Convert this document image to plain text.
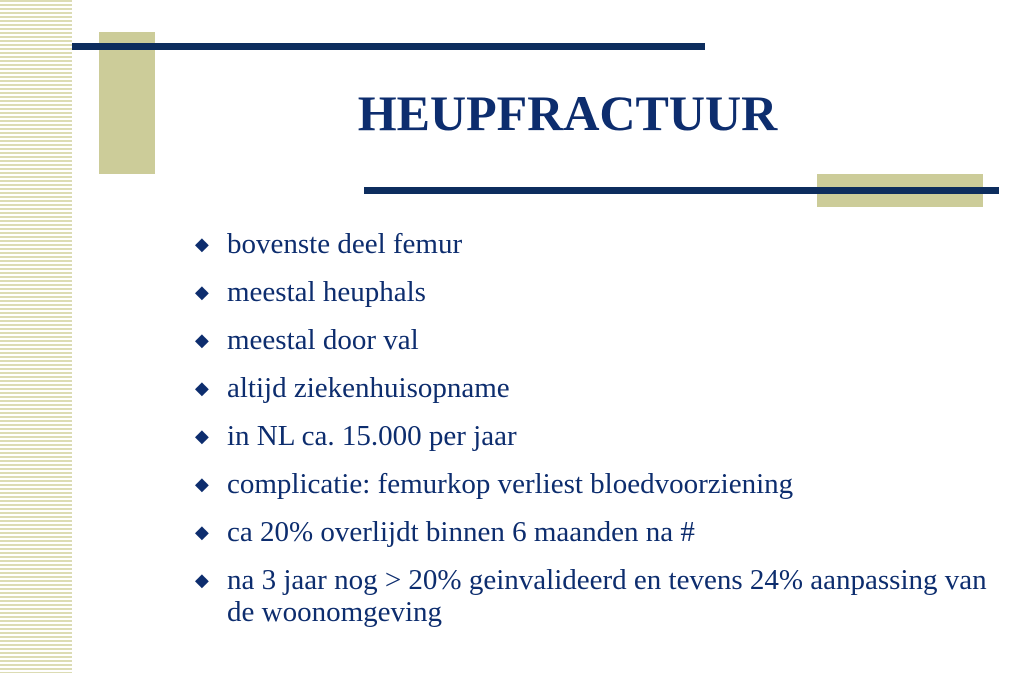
HEUPFRACTUUR
◆ bovenste deel femur
◆ meestal heuphals
◆ meestal door val
◆ altijd ziekenhuisopname
◆ in NL ca. 15.000 per jaar
◆ complicatie: femurkop verliest bloedvoorziening
◆ ca 20% overlijdt binnen 6 maanden na #
◆ na 3 jaar nog > 20% geinvalideerd en tevens 24% aanpassing van de woonomgeving
